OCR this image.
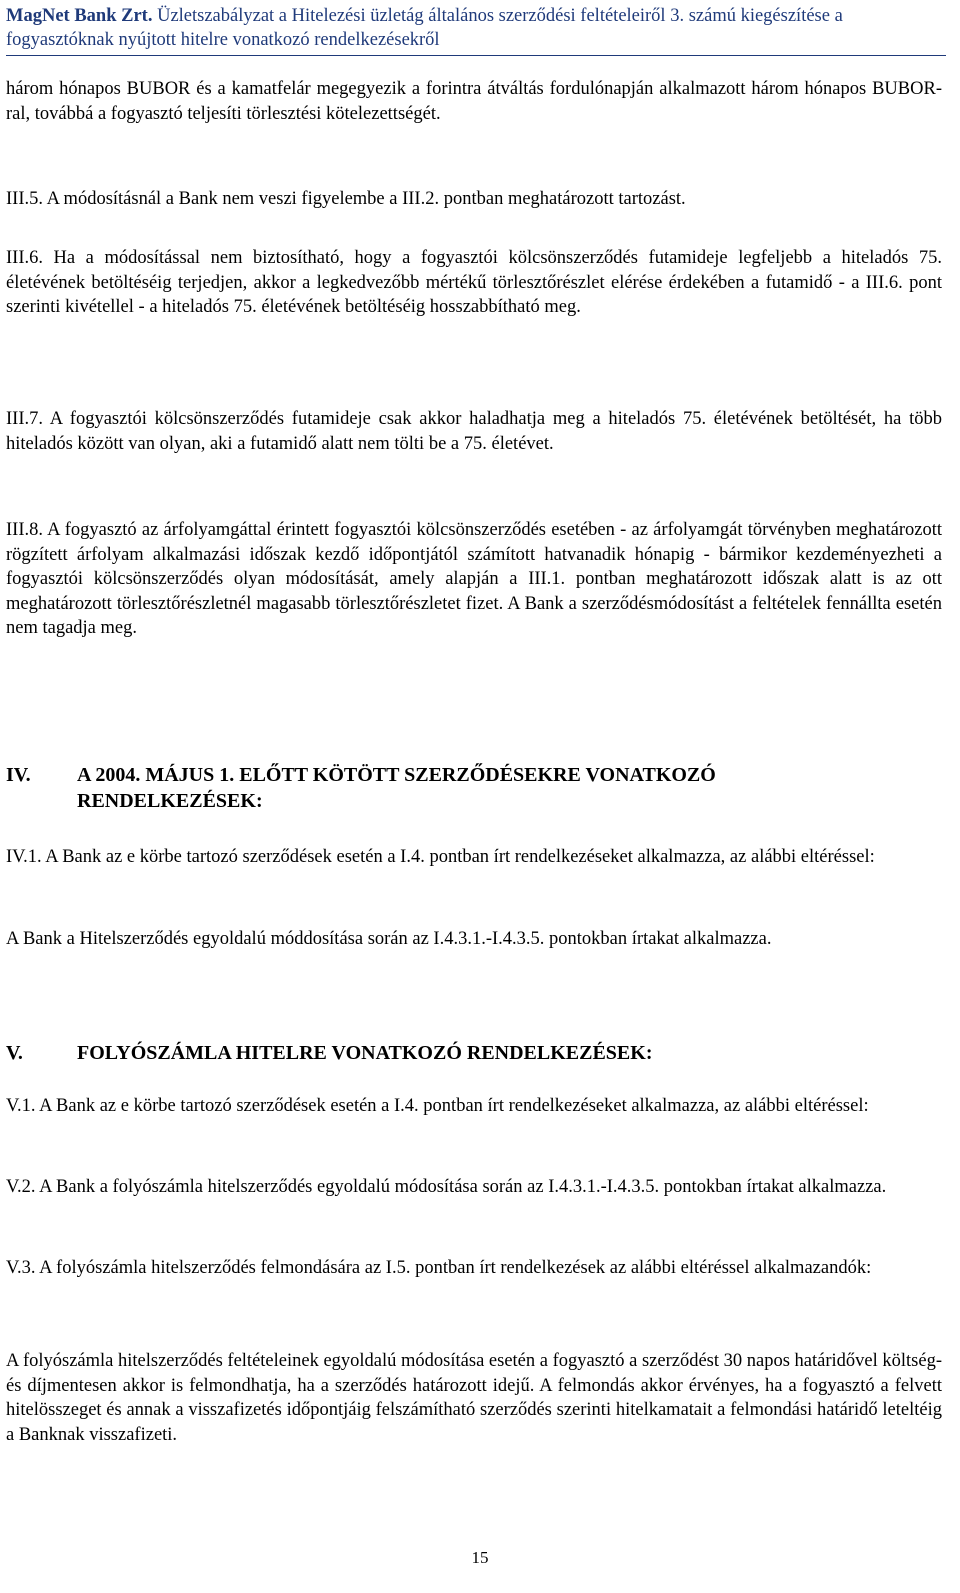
MagNet Bank Zrt. Üzletszabályzat a Hitelezési üzletág általános szerződési feltételeiről 3. számú kiegészítése a
fogyasztóknak nyújtott hitelre vonatkozó rendelkezésekről

három hónapos BUBOR és a kamatfelár megegyezik a forintra átváltás fordulónapján alkalmazott három hónapos BUBOR-ral, továbbá a fogyasztó teljesíti törlesztési kötelezettségét.

III.5. A módosításnál a Bank nem veszi figyelembe a III.2. pontban meghatározott tartozást.

III.6. Ha a módosítással nem biztosítható, hogy a fogyasztói kölcsönszerződés futamideje legfeljebb a hiteladós 75. életévének betöltéséig terjedjen, akkor a legkedvezőbb mértékű törlesztőrészlet elérése érdekében a futamidő - a III.6. pont szerinti kivétellel - a hiteladós 75. életévének betöltéséig hosszabbítható meg.

III.7. A fogyasztói kölcsönszerződés futamideje csak akkor haladhatja meg a hiteladós 75. életévének betöltését, ha több hiteladós között van olyan, aki a futamidő alatt nem tölti be a 75. életévet.

III.8. A fogyasztó az árfolyamgáttal érintett fogyasztói kölcsönszerződés esetében - az árfolyamgát törvényben meghatározott rögzített árfolyam alkalmazási időszak kezdő időpontjától számított hatvanadik hónapig - bármikor kezdeményezheti a fogyasztói kölcsönszerződés olyan módosítását, amely alapján a III.1. pontban meghatározott időszak alatt is az ott meghatározott törlesztőrészletnél magasabb törlesztőrészletet fizet. A Bank a szerződésmódosítást a feltételek fennállta esetén nem tagadja meg.

IV. A 2004. MÁJUS 1. ELŐTT KÖTÖTT SZERZŐDÉSEKRE VONATKOZÓ
RENDELKEZÉSEK:

IV.1. A Bank az e körbe tartozó szerződések esetén a I.4. pontban írt rendelkezéseket alkalmazza, az alábbi eltéréssel:

A Bank a Hitelszerződés egyoldalú móddosítása során az I.4.3.1.-I.4.3.5. pontokban írtakat alkalmazza.

V.	FOLYÓSZÁMLA HITELRE VONATKOZÓ RENDELKEZÉSEK:

V.1. A Bank az e körbe tartozó szerződések esetén a I.4. pontban írt rendelkezéseket alkalmazza, az alábbi eltéréssel:

V.2. A Bank a folyószámla hitelszerződés egyoldalú módosítása során az I.4.3.1.-I.4.3.5. pontokban írtakat alkalmazza.

V.3. A folyószámla hitelszerződés felmondására az I.5. pontban írt rendelkezések az alábbi eltéréssel alkalmazandók:

A folyószámla hitelszerződés feltételeinek egyoldalú módosítása esetén a fogyasztó a szerződést 30 napos határidővel költség- és díjmentesen akkor is felmondhatja, ha a szerződés határozott idejű. A felmondás akkor érvényes, ha a fogyasztó a felvett hitelösszeget és annak a visszafizetés időpontjáig felszámítható szerződés szerinti hitelkamatait a felmondási határidő leteltéig a Banknak visszafizeti.

15
